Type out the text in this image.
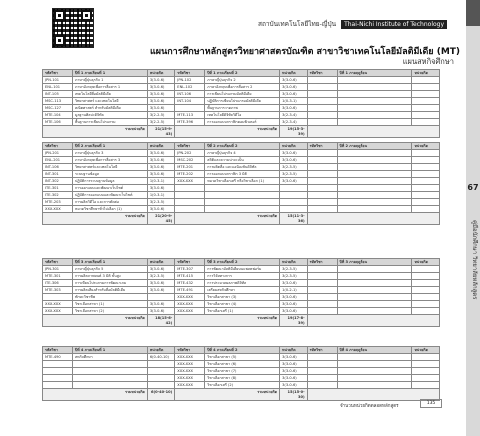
สถาบันเทคโนโลยีไทย-ญี่ปุ่น Thai-Nichi Institute of Technology
แผนการศึกษาหลักสูตรวิทยาศาสตรบัณฑิต สาขาวิชาเทคโนโลยีมัลติมีเดีย (MT)
แผนสหกิจศึกษา
67
คู่มือนักศึกษา วิทยาลัยหลักสูตร
รหัสวิชา	ปีที่ 1 ภาคเรียนที่ 1	หน่วยกิต	รหัสวิชา	ปีที่ 1 ภาคเรียนที่ 2	หน่วยกิต	รหัสวิชา	ปีที่ 1 ภาคฤดูร้อน	หน่วยกิต
JPN-101	ภาษาญี่ปุ่นธุรกิจ 1	3(3-0-6)	JPN-102	ภาษาญี่ปุ่นธุรกิจ 2	3(3-0-6)			
ENL-101	ภาษาอังกฤษเพื่อการสื่อสาร 1	3(3-0-6)	ENL-102	ภาษาอังกฤษเพื่อการสื่อสาร 2	3(3-0-6)			
INT-105	เทคโนโลยีสื่อมัลติมีเดีย	3(3-0-6)	INT-106	การเขียนโปรแกรมมัลติมีเดีย	3(3-0-6)			
MSC-113	วิทยาศาสตร์ และเทคโนโลยี	3(3-0-6)	INT-104	ปฏิบัติการเขียนโปรแกรมมัลติมีเดีย	1(0-3-1)			
MSC-127	คณิตศาสตร์ สำหรับมัลติมีเดีย	3(3-0-6)		พื้นฐานการวาดภาพ	3(3-0-6)			
MTE-104	มูลฐานศิลปะดิจิทัล	3(2-2-5)	MTE-113	เทคโนโลยีดิจิทัลวิดีโอ	3(2-3-4)			
MTE-106	พื้นฐานการเขียนโปรแกรม	3(2-2-5)	MTE-396	การออกแบบกราฟิกคอมพิวเตอร์	3(2-3-4)			
รวมหน่วยกิต		21(15-9-43)	รวมหน่วยกิต		19(15-3-39)			
รหัสวิชา	ปีที่ 2 ภาคเรียนที่ 1	หน่วยกิต	รหัสวิชา	ปีที่ 2 ภาคเรียนที่ 2	หน่วยกิต	รหัสวิชา	ปีที่ 2 ภาคฤดูร้อน	หน่วยกิต
JPN-201	ภาษาญี่ปุ่นธุรกิจ 3	3(3-0-6)	JPN-202	ภาษาญี่ปุ่นธุรกิจ 4	3(3-0-6)			
ENL-201	ภาษาอังกฤษเพื่อการสื่อสาร 3	3(3-0-6)	MSC-202	สถิติและความน่าจะเป็น	3(3-0-6)			
INT-106	วิทยาศาสตร์และเทคโนโลยี	3(3-0-6)	MTE-201	การผลิตสื่อ และแอนิเมชันดิจิทัล	3(2-3-5)			
INT-301	ระบบฐานข้อมูล	3(3-0-6)	MTE-202	การออกแบบกราฟิก 3 มิติ	3(2-3-5)			
INT-302	ปฏิบัติการระบบฐานข้อมูล	1(0-3-1)	XXX-XXX	หมวดวิชาเลือกเสรี หรือวิชาเลือก (1)	3(3-0-6)			
ITE-301	การออกแบบและพัฒนาเว็บไซต์	3(3-0-6)						
ITE-302	ปฏิบัติการออกแบบและพัฒนาเว็บไซต์	1(0-3-1)						
MTE-203	การผลิตวิดีโอ และการตัดต่อ	3(2-3-5)						
XXX-XXX	หมวดวิชาศึกษาทั่วไปเลือก (1)	3(3-0-6)						
รวมหน่วยกิต		21(20-9-45)	รวมหน่วยกิต		15(11-3-36)			
รหัสวิชา	ปีที่ 3 ภาคเรียนที่ 1	หน่วยกิต	รหัสวิชา	ปีที่ 3 ภาคเรียนที่ 2	หน่วยกิต	รหัสวิชา	ปีที่ 3 ภาคฤดูร้อน	หน่วยกิต
JPN-301	ภาษาญี่ปุ่นธุรกิจ 5	3(3-0-6)	MTE-307	การพัฒนามัลติมีเดียบนแพลตฟอร์ม	3(2-3-5)			
MTE-301	การผลิตภาพยนต์ 3 มิติ ขั้นสูง	3(2-3-5)	MTE-415	การวิจัยทางการ	3(2-3-5)			
ITE-306	การเขียนโปรแกรมการพัฒนาเกม	3(3-0-6)	MTE-432	การประมวลผลภาพดิจิทัล	3(3-0-6)			
MTE-303	การผลิตเสียงสำหรับสื่อมัลติมีเดีย	3(3-0-6)	MTE-491	เตรียมสหกิจศึกษา	1(0-2-1)			
	ทักษะวิชาชีพ		XXX-XXX	วิชาเลือกสาขา (3)	3(3-0-6)			
XXX-XXX	วิชาเลือกสาขา (1)	3(3-0-6)	XXX-XXX	วิชาเลือกสาขา (4)	3(3-0-6)			
XXX-XXX	วิชาเลือกสาขา (2)	3(3-0-6)	XXX-XXX	วิชาเลือกเสรี (1)	3(3-0-6)			
รวมหน่วยกิต		18(15-6-42)	รวมหน่วยกิต		19(17-8-39)			
รหัสวิชา	ปีที่ 4 ภาคเรียนที่ 1	หน่วยกิต	รหัสวิชา	ปีที่ 4 ภาคเรียนที่ 2	หน่วยกิต	รหัสวิชา	ปีที่ 4 ภาคฤดูร้อน	หน่วยกิต
MTE-490	สหกิจศึกษา	6(0-40-10)	XXX-XXX	วิชาเลือกสาขา (5)	3(3-0-6)			
			XXX-XXX	วิชาเลือกสาขา (6)	3(3-0-6)			
			XXX-XXX	วิชาเลือกสาขา (7)	3(3-0-6)			
			XXX-XXX	วิชาเลือกสาขา (8)	3(3-0-6)			
			XXX-XXX	วิชาเลือกเสรี (2)	3(3-0-6)			
รวมหน่วยกิต		6(0-40-10)	รวมหน่วยกิต		15(15-0-30)			
จำนวนหน่วยกิตตลอดหลักสูตร
135
